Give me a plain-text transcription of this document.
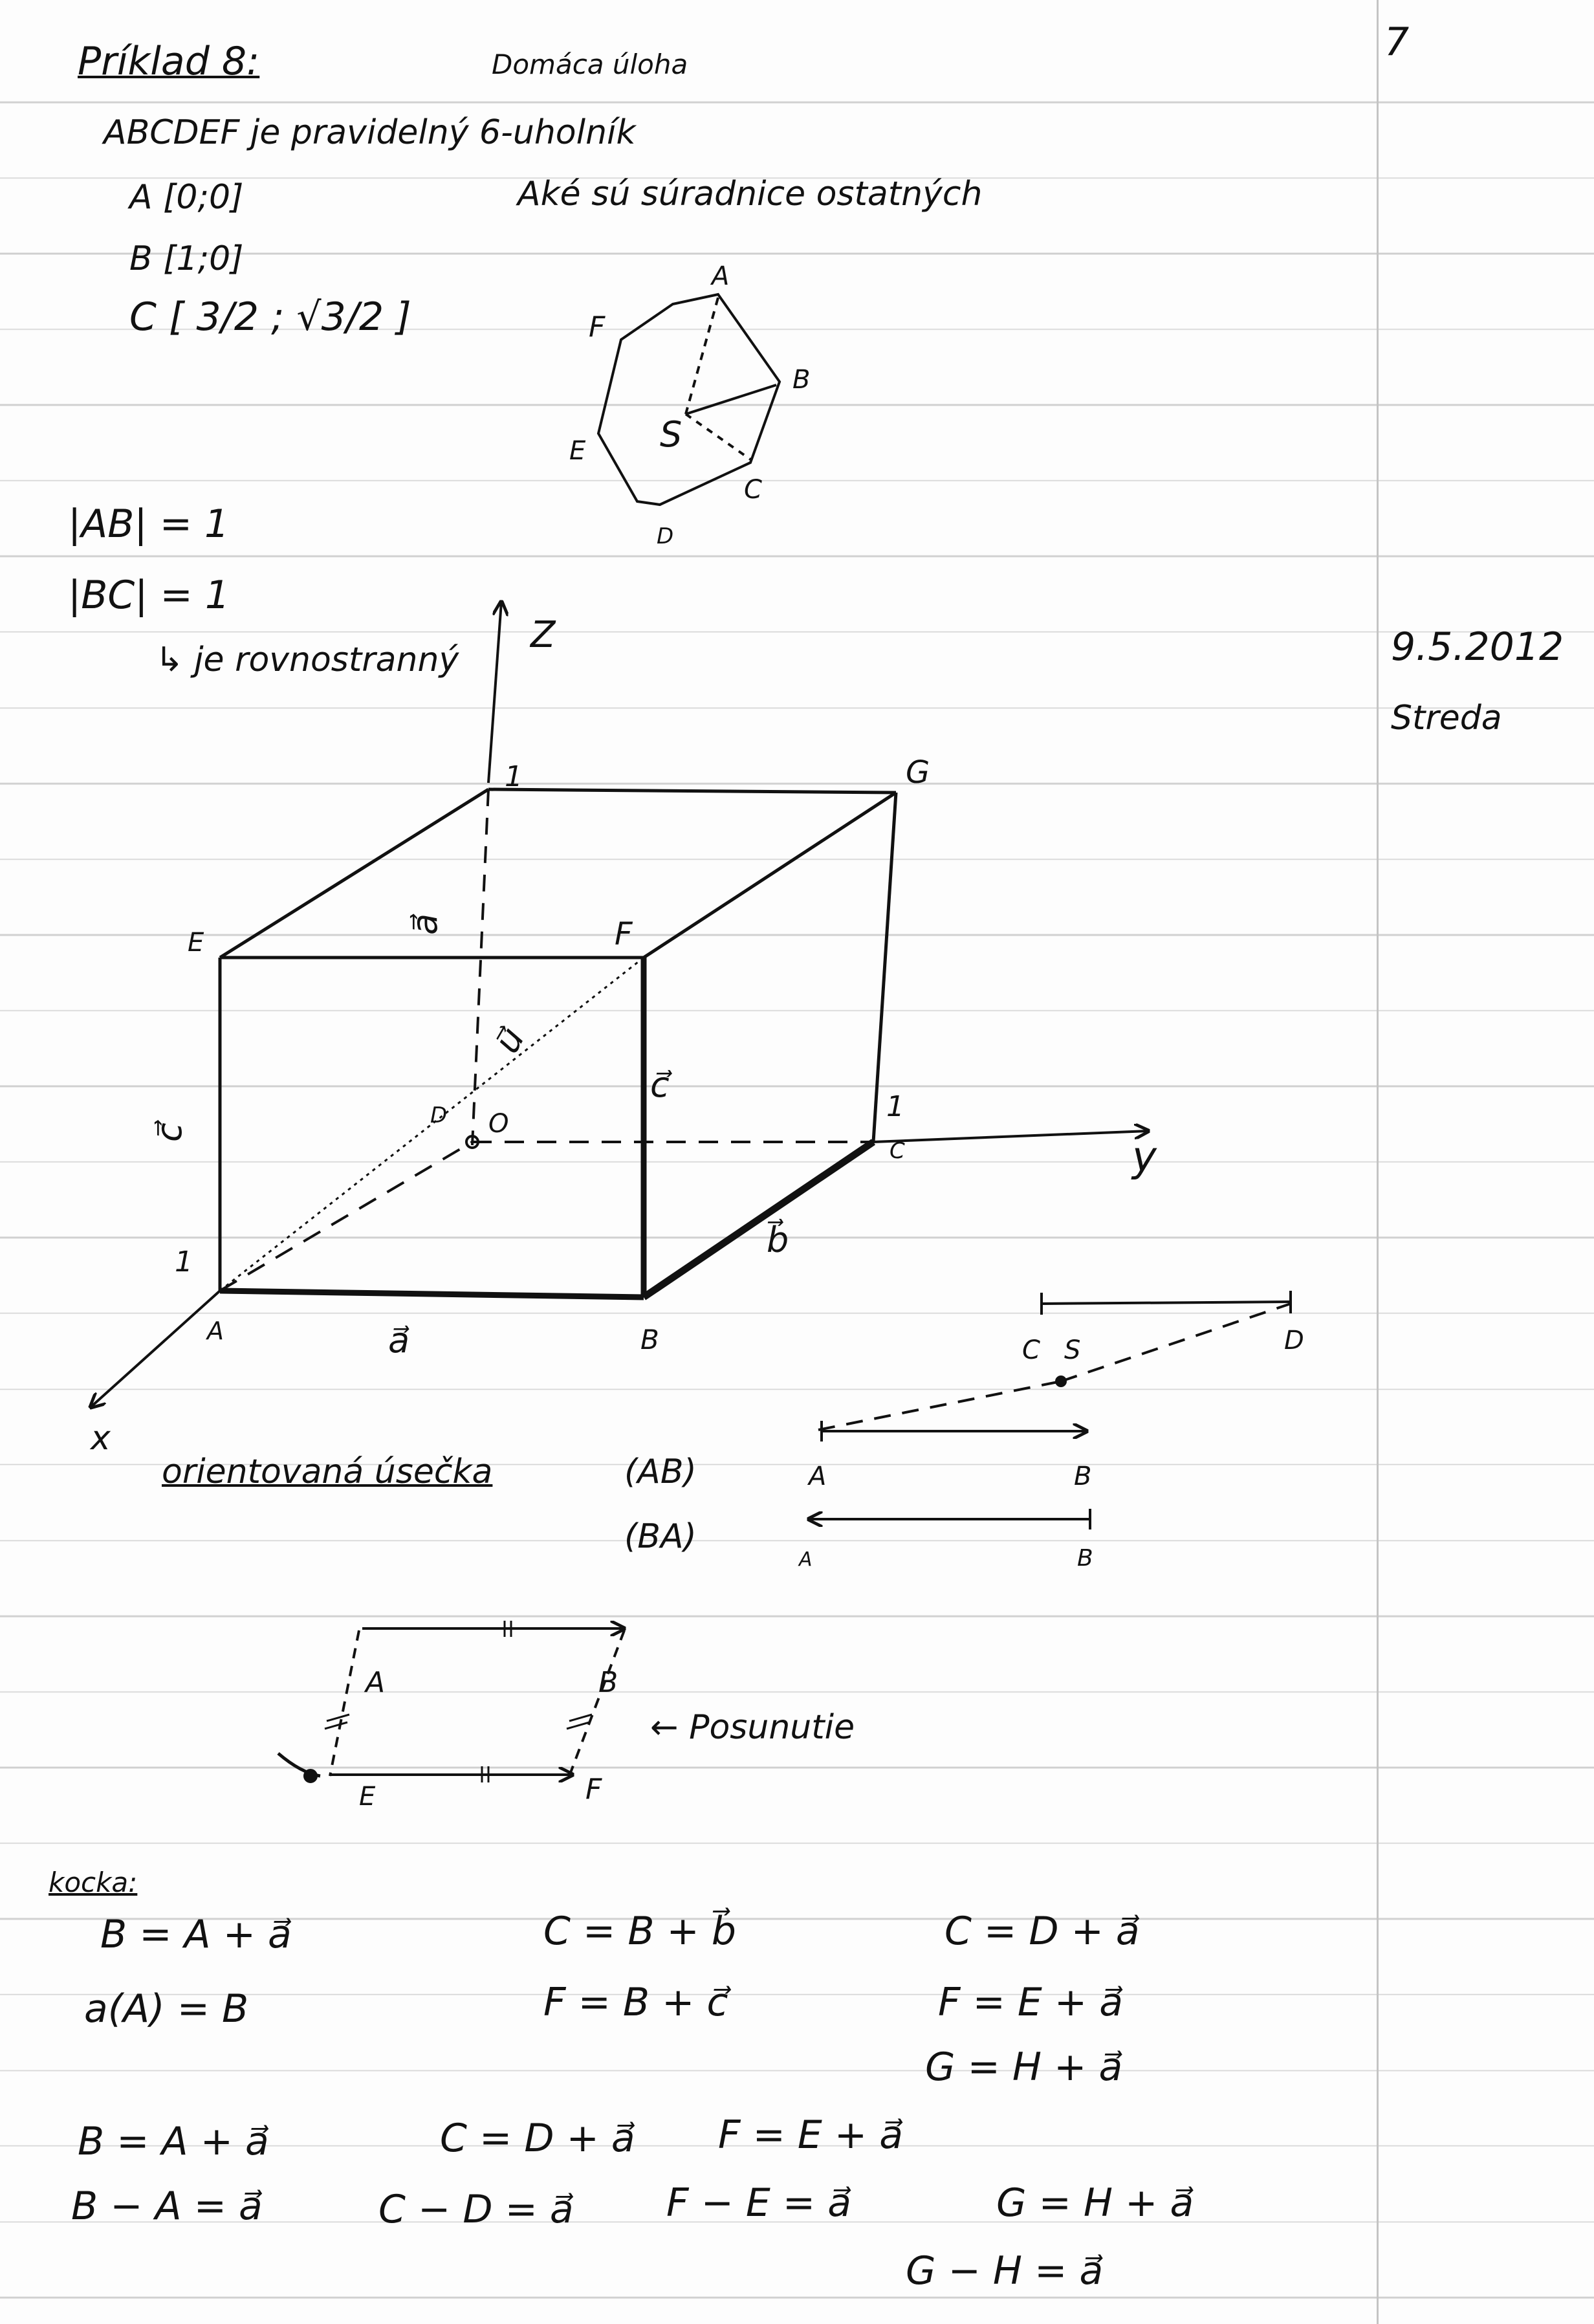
Príklad 8:	Domáca úloha	7
ABCDEF je pravidelný 6-uholník
Aké sú súradnice ostatných
A [0;0]
B [1;0]
C [ 3/2 ; √3/2 ]
|AB| = 1
|BC| = 1
↳ je rovnostranný	9.5.2012
Streda
orientovaná úsečka	(AB)
(BA)
← Posunutie
kocka:
B = A + a⃗	C = B + b⃗	C = D + a⃗
a(A) = B	F = B + c⃗	F = E + a⃗
G = H + a⃗
B = A + a⃗
B − A = a⃗
C = D + a⃗
C − D = a⃗
F = E + a⃗
F − E = a⃗	G = H + a⃗
G − H = a⃗
A
B
C
D
E
F
S
Z
y
x
1
1
1
A	B
C
D
E	F
G
O
a⃗
a⃗
b⃗
c⃗
c⃗
u⃗
C S	D
A	B
A	B
A	B
E	F
